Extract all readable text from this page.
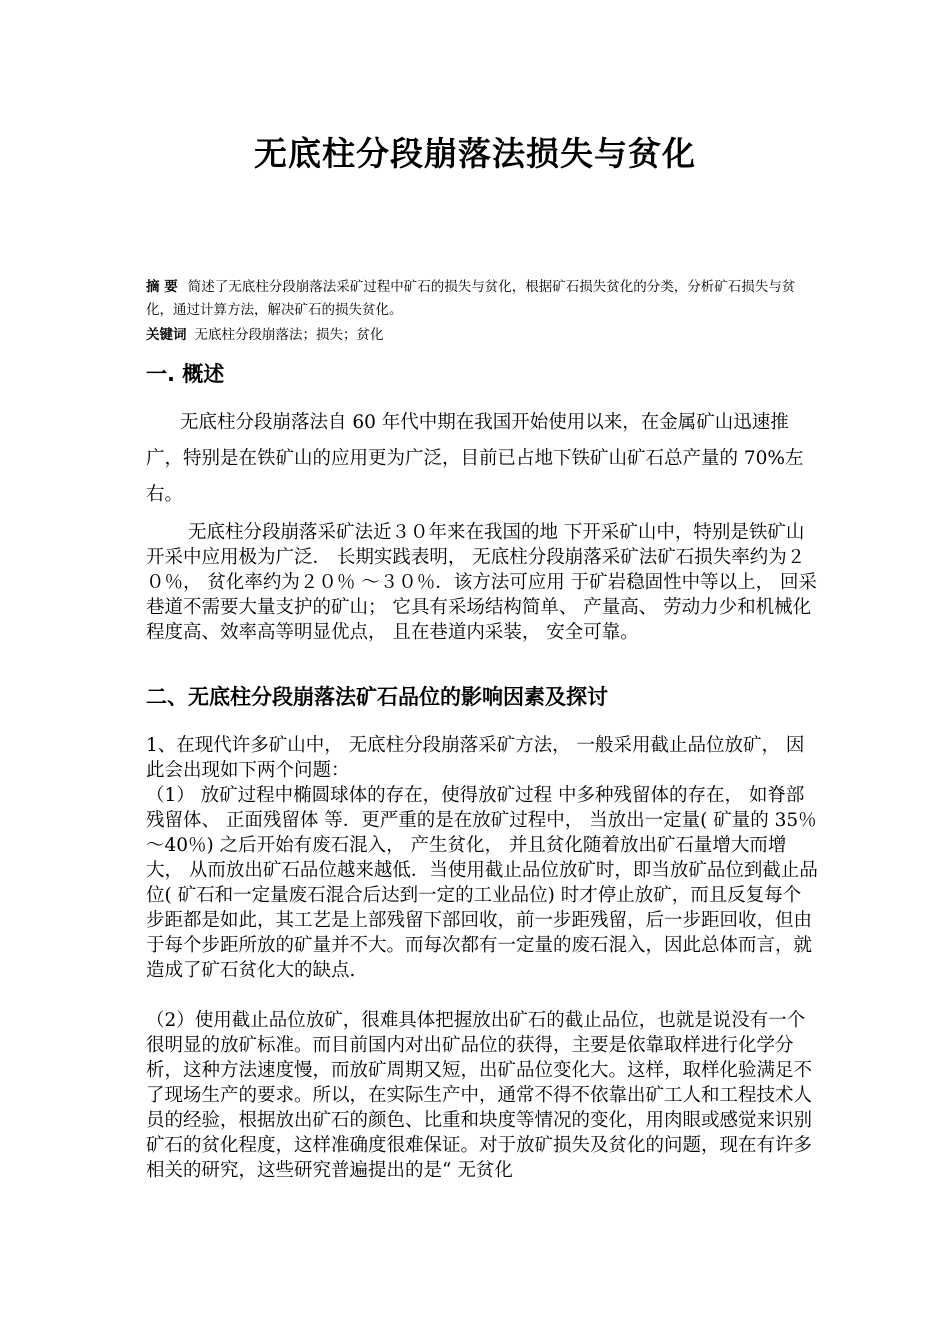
无底柱分段崩落法损失与贫化

摘 要 简述了无底柱分段崩落法采矿过程中矿石的损失与贫化，根据矿石损失贫化的分类，分析矿石损失与贫化，通过计算方法，解决矿石的损失贫化。

关键词 无底柱分段崩落法；损失；贫化

一. 概述

无底柱分段崩落法自 60 年代中期在我国开始使用以来，在金属矿山迅速推广，特别是在铁矿山的应用更为广泛，目前已占地下铁矿山矿石总产量的 70%左右。

无底柱分段崩落采矿法近３０年来在我国的地 下开采矿山中，特别是铁矿山开采中应用极为广泛． 长期实践表明， 无底柱分段崩落采矿法矿石损失率约为２０％， 贫化率约为２０％ ～３０％．该方法可应用 于矿岩稳固性中等以上， 回采巷道不需要大量支护的矿山； 它具有采场结构简单、 产量高、 劳动力少和机械化程度高、效率高等明显优点， 且在巷道内采装， 安全可靠。

二、无底柱分段崩落法矿石品位的影响因素及探讨

1、在现代许多矿山中， 无底柱分段崩落采矿方法， 一般采用截止品位放矿， 因此会出现如下两个问题：

（1） 放矿过程中椭圆球体的存在，使得放矿过程 中多种残留体的存在， 如脊部残留体、 正面残留体 等．更严重的是在放矿过程中， 当放出一定量( 矿量的 35％ ～40％) 之后开始有废石混入， 产生贫化， 并且贫化随着放出矿石量增大而增大， 从而放出矿石品位越来越低．当使用截止品位放矿时，即当放矿品位到截止品位( 矿石和一定量废石混合后达到一定的工业品位) 时才停止放矿，而且反复每个步距都是如此，其工艺是上部残留下部回收，前一步距残留，后一步距回收，但由于每个步距所放的矿量并不大。而每次都有一定量的废石混入，因此总体而言，就造成了矿石贫化大的缺点.

（2）使用截止品位放矿，很难具体把握放出矿石的截止品位，也就是说没有一个很明显的放矿标准。而目前国内对出矿品位的获得，主要是依靠取样进行化学分析，这种方法速度慢，而放矿周期又短，出矿品位变化大。这样，取样化验满足不了现场生产的要求。所以，在实际生产中，通常不得不依靠出矿工人和工程技术人员的经验，根据放出矿石的颜色、比重和块度等情况的变化，用肉眼或感觉来识别矿石的贫化程度，这样准确度很难保证。对于放矿损失及贫化的问题，现在有许多相关的研究，这些研究普遍提出的是“ 无贫化
